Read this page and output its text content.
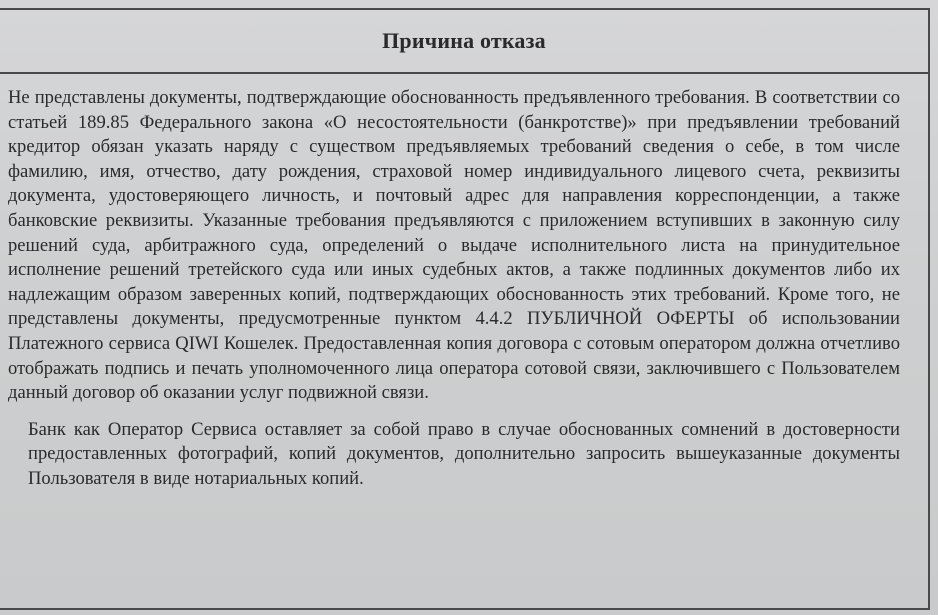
Причина отказа

Не представлены документы, подтверждающие обоснованность предъявленного требования. В соответствии со статьей 189.85 Федерального закона «О несостоятельности (банкротстве)» при предъявлении требований кредитор обязан указать наряду с существом предъявляемых требований сведения о себе, в том числе фамилию, имя, отчество, дату рождения, страховой номер индивидуального лицевого счета, реквизиты документа, удостоверяющего личность, и почтовый адрес для направления корреспонденции, а также банковские реквизиты. Указанные требования предъявляются с приложением вступивших в законную силу решений суда, арбитражного суда, определений о выдаче исполнительного листа на принудительное исполнение решений третейского суда или иных судебных актов, а также подлинных документов либо их надлежащим образом заверенных копий, подтверждающих обоснованность этих требований. Кроме того, не представлены документы, предусмотренные пунктом 4.4.2 ПУБЛИЧНОЙ ОФЕРТЫ об использовании Платежного сервиса QIWI Кошелек. Предоставленная копия договора с сотовым оператором должна отчетливо отображать подпись и печать уполномоченного лица оператора сотовой связи, заключившего с Пользователем данный договор об оказании услуг подвижной связи.

Банк как Оператор Сервиса оставляет за собой право в случае обоснованных сомнений в достоверности предоставленных фотографий, копий документов, дополнительно запросить вышеуказанные документы Пользователя в виде нотариальных копий.
